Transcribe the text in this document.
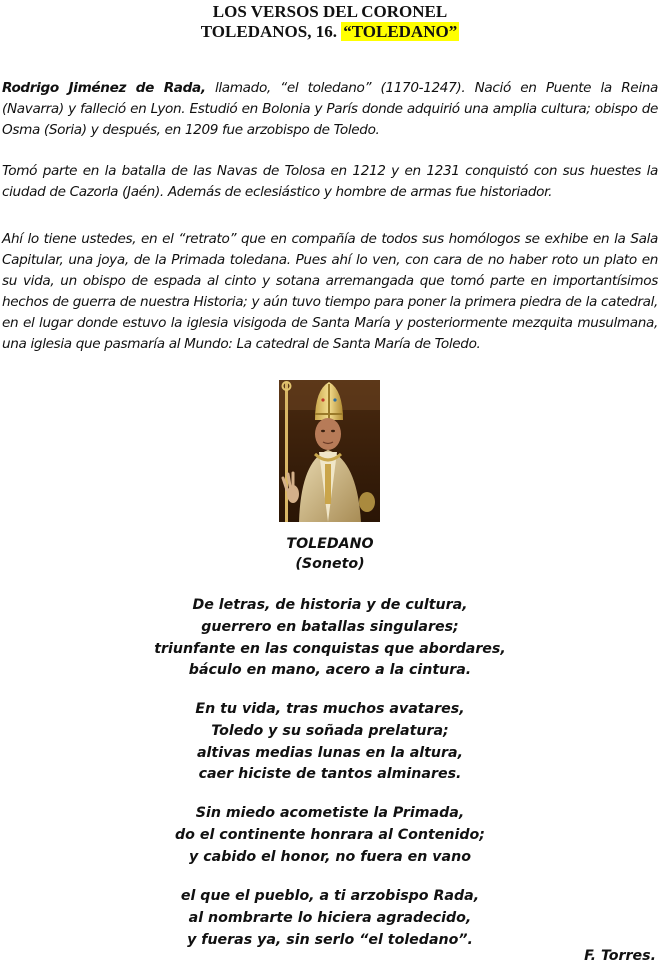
LOS VERSOS DEL CORONEL
TOLEDANOS, 16. “TOLEDANO”
Rodrigo Jiménez de Rada, llamado, “el toledano” (1170-1247). Nació en Puente la Reina (Navarra) y falleció en Lyon. Estudió en Bolonia y París donde adquirió una amplia cultura; obispo de Osma (Soria) y después, en 1209 fue arzobispo de Toledo.
Tomó parte en la batalla de las Navas de Tolosa en 1212 y en 1231 conquistó con sus huestes la ciudad de Cazorla (Jaén). Además de eclesiástico y hombre de armas fue historiador.
Ahí lo tiene ustedes, en el “retrato” que en compañía de todos sus homólogos se exhibe en la Sala Capitular, una joya, de la Primada toledana. Pues ahí lo ven, con cara de no haber roto un plato en su vida, un obispo de espada al cinto y sotana arremangada que tomó parte en importantísimos hechos de guerra de nuestra Historia; y aún tuvo tiempo para poner la primera piedra de la catedral, en el lugar donde estuvo la iglesia visigoda de Santa María y posteriormente mezquita musulmana, una iglesia que pasmaría al Mundo: La catedral de Santa María de Toledo.
TOLEDANO
(Soneto)
De letras, de historia y de cultura,
guerrero en batallas singulares;
triunfante en las conquistas que abordares,
báculo en mano, acero a la cintura.
En tu vida, tras muchos avatares,
Toledo y su soñada prelatura;
altivas medias lunas en la altura,
caer hiciste de tantos alminares.
Sin miedo acometiste la Primada,
do el continente honrara al Contenido;
y cabido el honor, no fuera en vano
el que el pueblo, a ti arzobispo Rada,
al nombrarte lo hiciera agradecido,
y fueras ya, sin serlo “el toledano”.
F. Torres.
